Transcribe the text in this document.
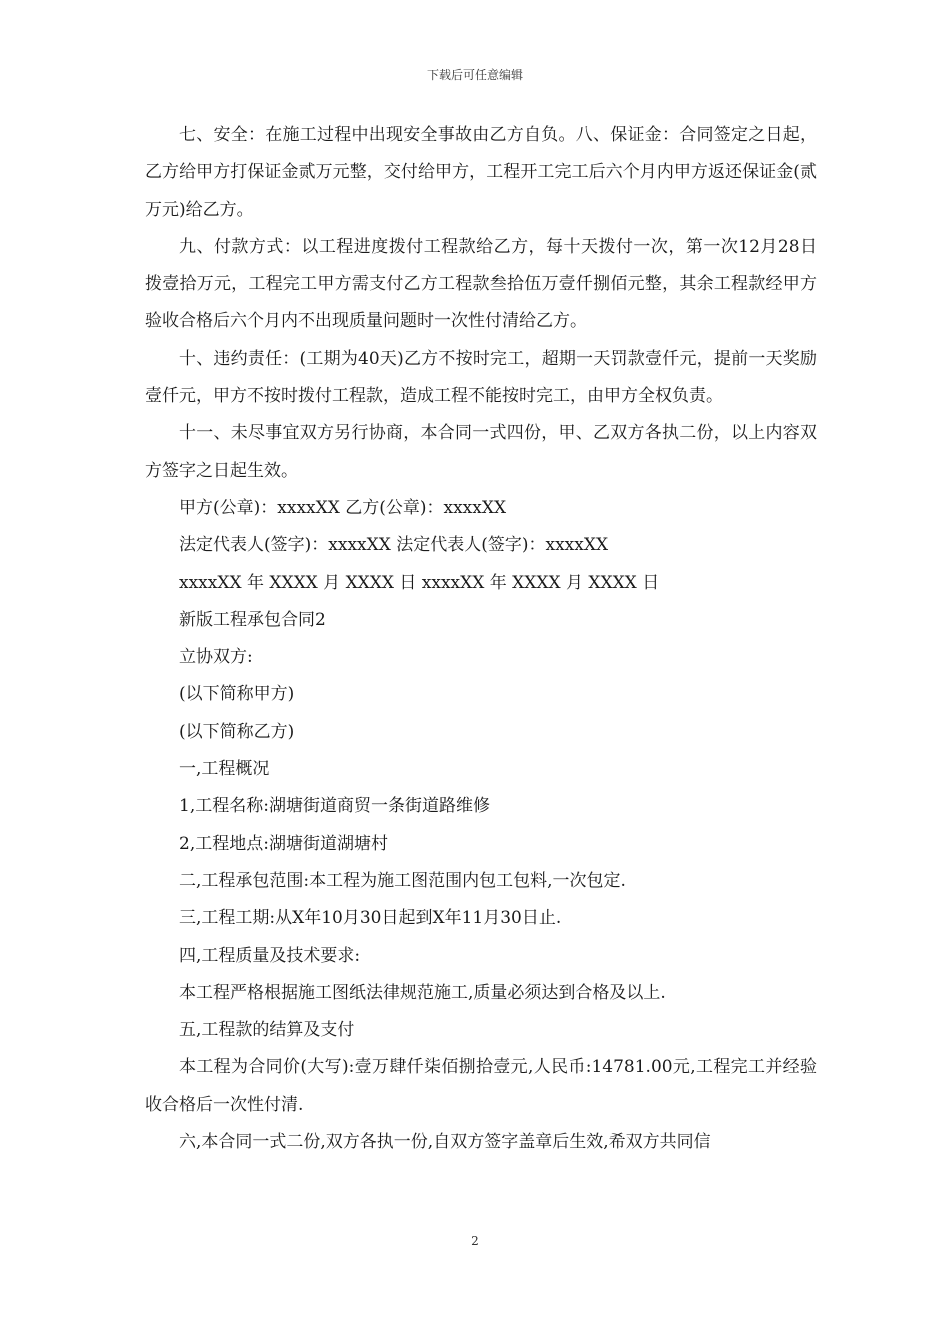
下载后可任意编辑

七、安全：在施工过程中出现安全事故由乙方自负。八、保证金：合同签定之日起，乙方给甲方打保证金贰万元整，交付给甲方，工程开工完工后六个月内甲方返还保证金(贰万元)给乙方。

九、付款方式：以工程进度拨付工程款给乙方，每十天拨付一次，第一次12月28日拨壹拾万元，工程完工甲方需支付乙方工程款叁拾伍万壹仟捌佰元整，其余工程款经甲方验收合格后六个月内不出现质量问题时一次性付清给乙方。

十、违约责任：(工期为40天)乙方不按时完工，超期一天罚款壹仟元，提前一天奖励壹仟元，甲方不按时拨付工程款，造成工程不能按时完工，由甲方全权负责。

十一、未尽事宜双方另行协商，本合同一式四份，甲、乙双方各执二份，以上内容双方签字之日起生效。

甲方(公章)：xxxxXX 乙方(公章)：xxxxXX

法定代表人(签字)：xxxxXX 法定代表人(签字)：xxxxXX

xxxxXX 年 XXXX 月 XXXX 日 xxxxXX 年 XXXX 月 XXXX 日

新版工程承包合同2

立协双方:

(以下简称甲方)

(以下简称乙方)

一,工程概况

1,工程名称:湖塘街道商贸一条街道路维修

2,工程地点:湖塘街道湖塘村

二,工程承包范围:本工程为施工图范围内包工包料,一次包定.

三,工程工期:从X年10月30日起到X年11月30日止.

四,工程质量及技术要求:

本工程严格根据施工图纸法律规范施工,质量必须达到合格及以上.

五,工程款的结算及支付

本工程为合同价(大写):壹万肆仟柒佰捌拾壹元,人民币:14781.00元,工程完工并经验收合格后一次性付清.

六,本合同一式二份,双方各执一份,自双方签字盖章后生效,希双方共同信

2
